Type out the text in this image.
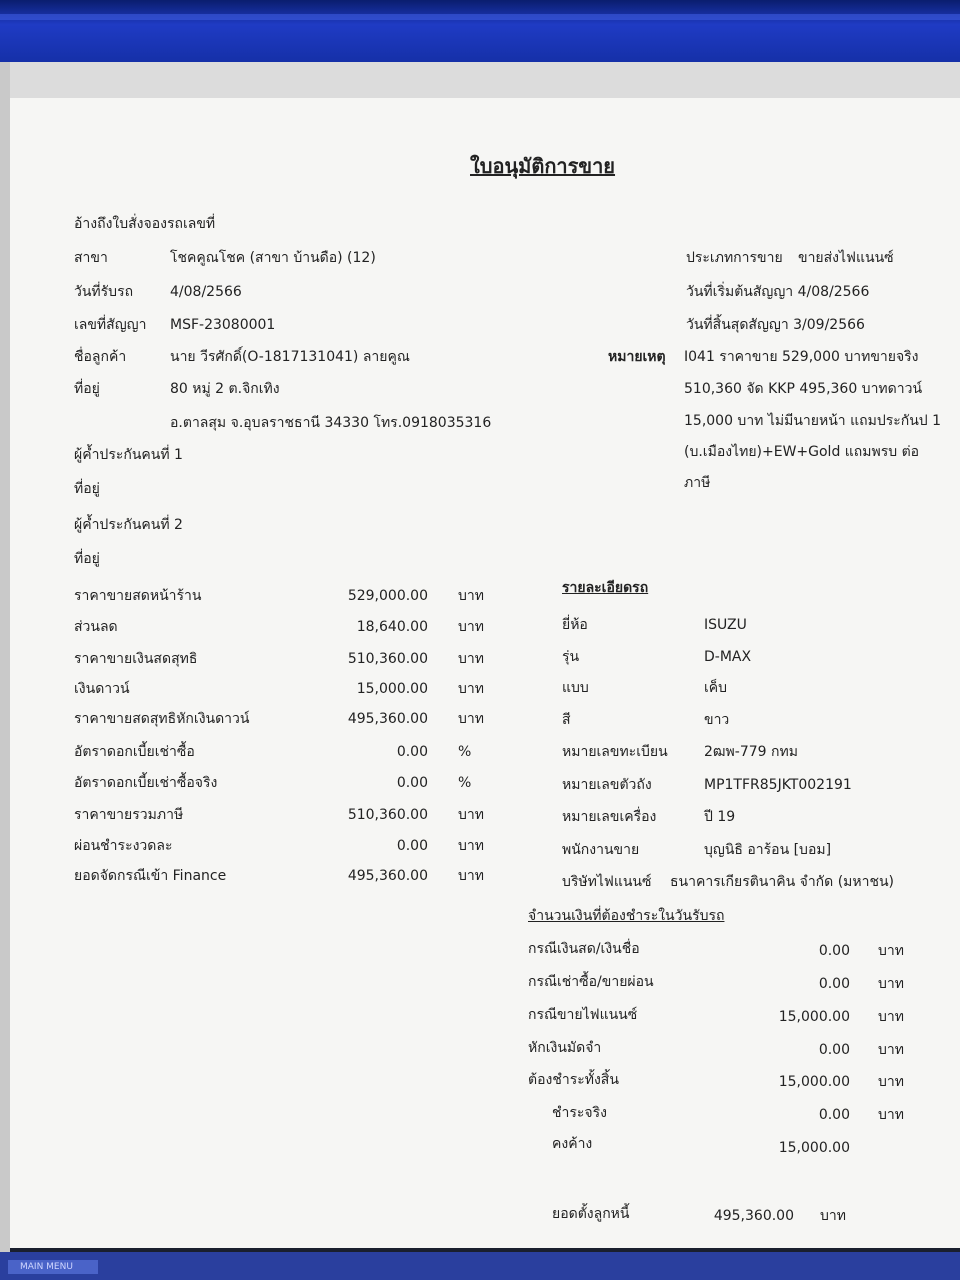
ใบอนุมัติการขาย
อ้างถึงใบสั่งจองรถเลขที่
สาขา	โชคคูณโชค (สาขา บ้านดือ) (12)
วันที่รับรถ	4/08/2566
เลขที่สัญญา MSF-23080001
ชื่อลูกค้า	นาย วีรศักดิ์(O-1817131041) ลายคูณ
ที่อยู่	80 หมู่ 2 ต.จิกเทิง
อ.ตาลสุม จ.อุบลราชธานี 34330 โทร.0918035316
ผู้ค้ำประกันคนที่ 1
ที่อยู่
ผู้ค้ำประกันคนที่ 2
ที่อยู่
ประเภทการขาย ขายส่งไฟแนนซ์
วันที่เริ่มต้นสัญญา 4/08/2566
วันที่สิ้นสุดสัญญา 3/09/2566
หมายเหตุ I041 ราคาขาย 529,000 บาทขายจริง
510,360 จัด KKP 495,360 บาทดาวน์
15,000 บาท ไม่มีนายหน้า แถมประกันป 1
(บ.เมืองไทย)+EW+Gold แถมพรบ ต่อ
ภาษี
ราคาขายสดหน้าร้าน	529,000.00 บาท
ส่วนลด	18,640.00 บาท
ราคาขายเงินสดสุทธิ	510,360.00 บาท
เงินดาวน์	15,000.00 บาท
ราคาขายสดสุทธิหักเงินดาวน์	495,360.00 บาท
อัตราดอกเบี้ยเช่าซื้อ	0.00 %
อัตราดอกเบี้ยเช่าซื้อจริง	0.00 %
ราคาขายรวมภาษี	510,360.00 บาท
ผ่อนชำระงวดละ	0.00 บาท
ยอดจัดกรณีเข้า Finance	495,360.00 บาท
รายละเอียดรถ
ยี่ห้อ	ISUZU
รุ่น	D-MAX
แบบ	เค็บ
สี	ขาว
หมายเลขทะเบียน	2ฒพ-779 กทม
หมายเลขตัวถัง	MP1TFR85JKT002191
หมายเลขเครื่อง	ปี 19
พนักงานขาย	บุญนิธิ อาร้อน [บอม]
บริษัทไฟแนนซ์ ธนาคารเกียรตินาคิน จำกัด (มหาชน)
จำนวนเงินที่ต้องชำระในวันรับรถ
กรณีเงินสด/เงินชื่อ	0.00 บาท
กรณีเช่าซื้อ/ขายผ่อน	0.00 บาท
กรณีขายไฟแนนซ์	15,000.00 บาท
หักเงินมัดจำ	0.00 บาท
ต้องชำระทั้งสิ้น	15,000.00 บาท
ชำระจริง	0.00 บาท
คงค้าง	15,000.00
ยอดตั้งลูกหนี้	495,360.00 บาท
MAIN MENU
